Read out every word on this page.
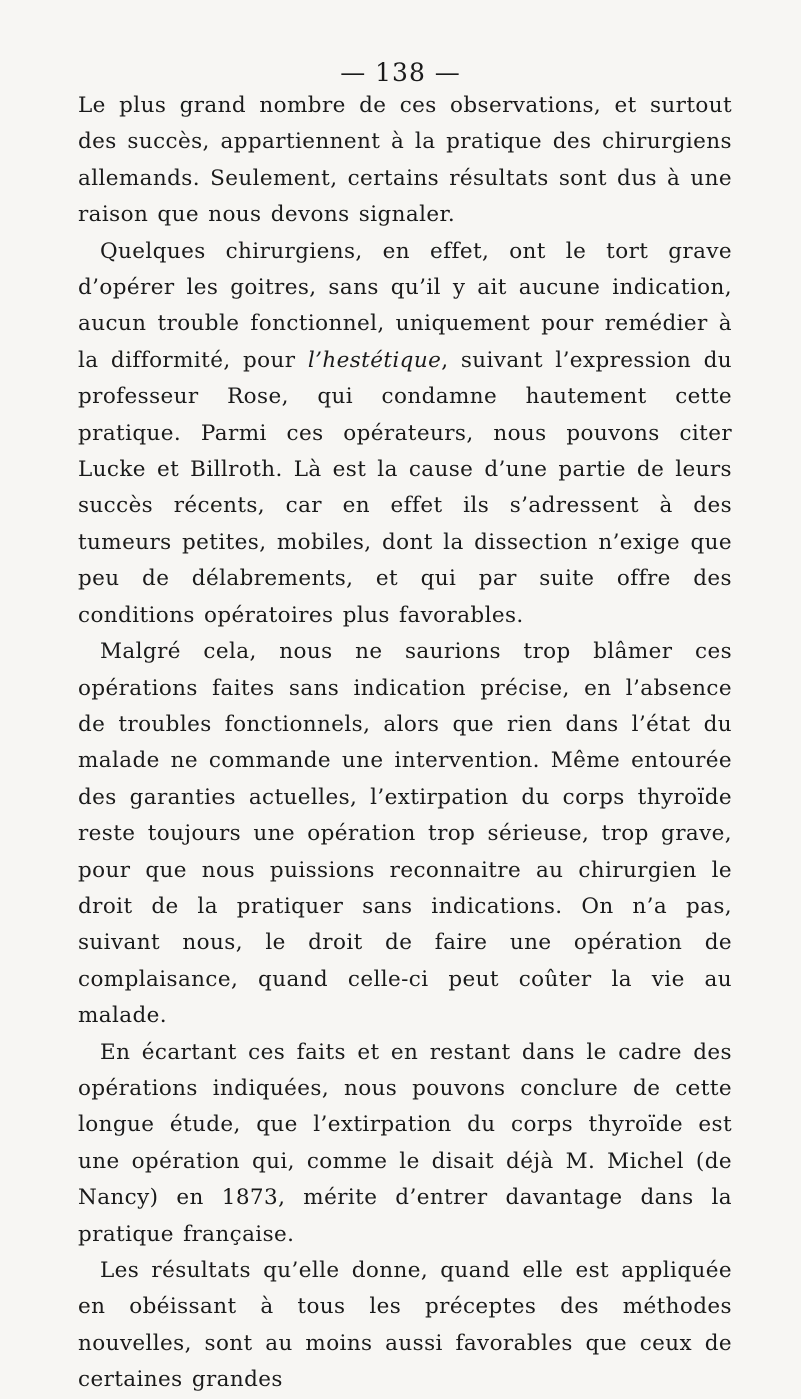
— 138 —

Le plus grand nombre de ces observations, et surtout des succès, appartiennent à la pratique des chirurgiens allemands. Seulement, certains résultats sont dus à une raison que nous devons signaler.

Quelques chirurgiens, en effet, ont le tort grave d’opérer les goitres, sans qu’il y ait aucune indication, aucun trouble fonctionnel, uniquement pour remédier à la difformité, pour l’hestétique, suivant l’expression du professeur Rose, qui condamne hautement cette pratique. Parmi ces opérateurs, nous pouvons citer Lucke et Billroth. Là est la cause d’une partie de leurs succès récents, car en effet ils s’adressent à des tumeurs petites, mobiles, dont la dissection n’exige que peu de délabrements, et qui par suite offre des conditions opératoires plus favorables.

Malgré cela, nous ne saurions trop blâmer ces opérations faites sans indication précise, en l’absence de troubles fonctionnels, alors que rien dans l’état du malade ne commande une intervention. Même entourée des garanties actuelles, l’extirpation du corps thyroïde reste toujours une opération trop sérieuse, trop grave, pour que nous puissions reconnaitre au chirurgien le droit de la pratiquer sans indications. On n’a pas, suivant nous, le droit de faire une opération de complaisance, quand celle-ci peut coûter la vie au malade.

En écartant ces faits et en restant dans le cadre des opérations indiquées, nous pouvons conclure de cette longue étude, que l’extirpation du corps thyroïde est une opération qui, comme le disait déjà M. Michel (de Nancy) en 1873, mérite d’entrer davantage dans la pratique française.

Les résultats qu’elle donne, quand elle est appliquée en obéissant à tous les préceptes des méthodes nouvelles, sont au moins aussi favorables que ceux de certaines grandes
